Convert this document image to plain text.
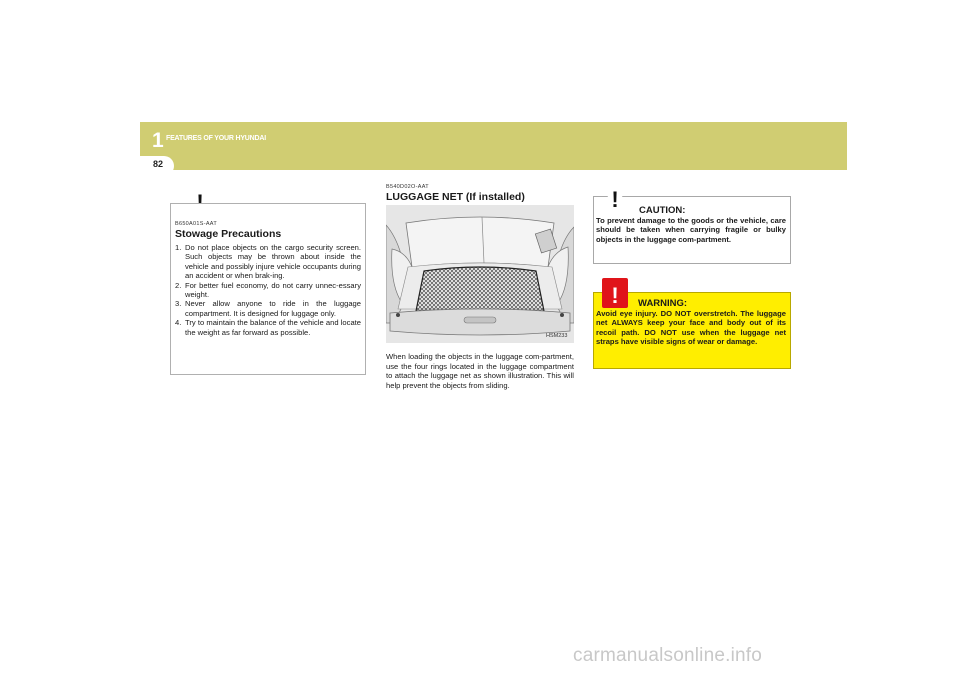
1 FEATURES OF YOUR HYUNDAI
82
B650A01S-AAT
Stowage Precautions
1. Do not place objects on the cargo security screen. Such objects may be thrown about inside the vehicle and possibly injure vehicle occupants during an accident or when brak-ing.
2. For better fuel economy, do not carry unnec-essary weight.
3. Never allow anyone to ride in the luggage compartment. It is designed for luggage only.
4. Try to maintain the balance of the vehicle and locate the weight as far forward as possible.
B540D02O-AAT
LUGGAGE NET (If installed)
HSM233

When loading the objects in the luggage com-partment, use the four rings located in the luggage compartment to attach the luggage net as shown illustration. This will help prevent the objects from sliding.

! CAUTION:

To prevent damage to the goods or the vehicle, care should be taken when carrying fragile or bulky objects in the luggage com-partment.

! WARNING:

Avoid eye injury. DO NOT overstretch. The luggage net ALWAYS keep your face and body out of its recoil path. DO NOT use when the luggage net straps have visible signs of wear or damage.

carmanualsonline.info
